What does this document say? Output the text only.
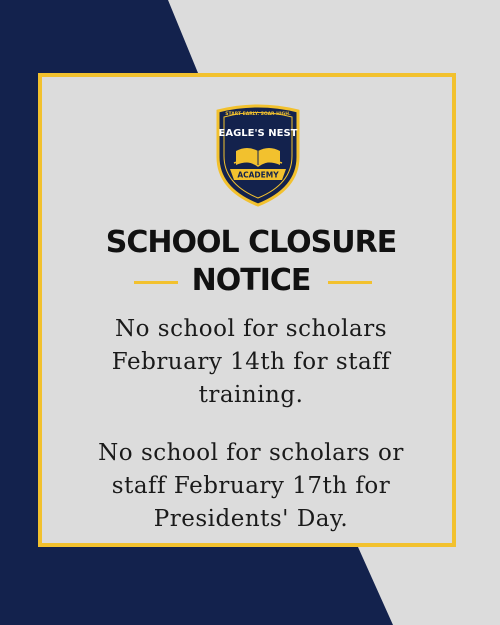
START EARLY. SOAR HIGH.
EAGLE'S NEST
ACADEMY
SCHOOL CLOSURE
NOTICE
No school for scholars
February 14th for staff
training.
No school for scholars or
staff February 17th for
Presidents' Day.
